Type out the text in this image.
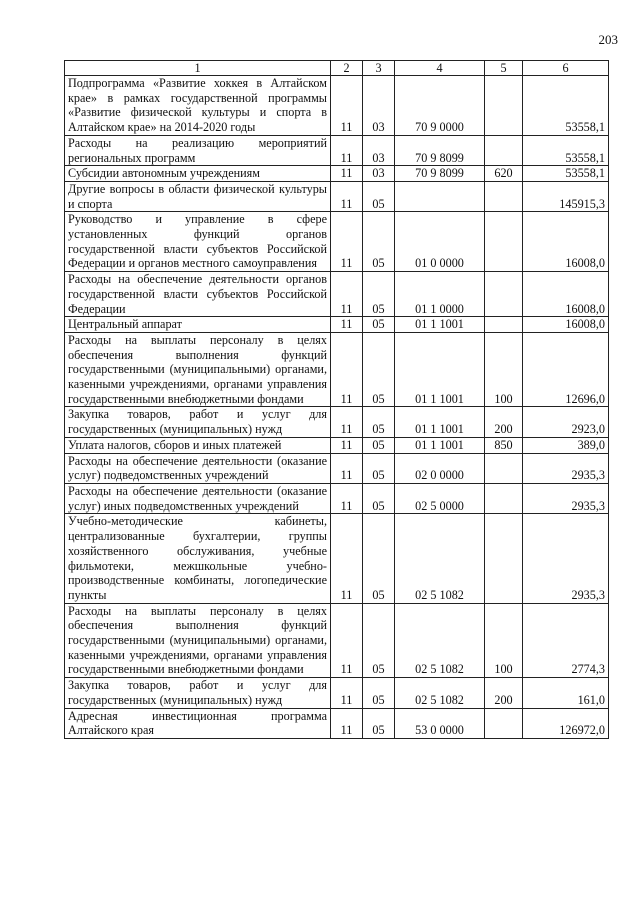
203
1	2	3	4	5	6
Подпрограмма «Развитие хоккея в Алтайском крае» в рамках государственной программы «Развитие физической культуры и спорта в Алтайском крае» на 2014-2020 годы	11	03	70 9 0000		53558,1
Расходы на реализацию мероприятий региональных программ	11	03	70 9 8099		53558,1
Субсидии автономным учреждениям	11	03	70 9 8099	620	53558,1
Другие вопросы в области физической культуры и спорта	11	05			145915,3
Руководство и управление в сфере установленных функций органов государственной власти субъектов Российской Федерации и органов местного самоуправления	11	05	01 0 0000		16008,0
Расходы на обеспечение деятельности органов государственной власти субъектов Российской Федерации	11	05	01 1 0000		16008,0
Центральный аппарат	11	05	01 1 1001		16008,0
Расходы на выплаты персоналу в целях обеспечения выполнения функций государственными (муниципальными) органами, казенными учреждениями, органами управления государственными внебюджетными фондами	11	05	01 1 1001	100	12696,0
Закупка товаров, работ и услуг для государственных (муниципальных) нужд	11	05	01 1 1001	200	2923,0
Уплата налогов, сборов и иных платежей	11	05	01 1 1001	850	389,0
Расходы на обеспечение деятельности (оказание услуг) подведомственных учреждений	11	05	02 0 0000		2935,3
Расходы на обеспечение деятельности (оказание услуг) иных подведомственных учреждений	11	05	02 5 0000		2935,3
Учебно-методические кабинеты, централизованные бухгалтерии, группы хозяйственного обслуживания, учебные фильмотеки, межшкольные учебно-производственные комбинаты, логопедические пункты	11	05	02 5 1082		2935,3
Расходы на выплаты персоналу в целях обеспечения выполнения функций государственными (муниципальными) органами, казенными учреждениями, органами управления государственными внебюджетными фондами	11	05	02 5 1082	100	2774,3
Закупка товаров, работ и услуг для государственных (муниципальных) нужд	11	05	02 5 1082	200	161,0
Адресная инвестиционная программа Алтайского края	11	05	53 0 0000		126972,0
